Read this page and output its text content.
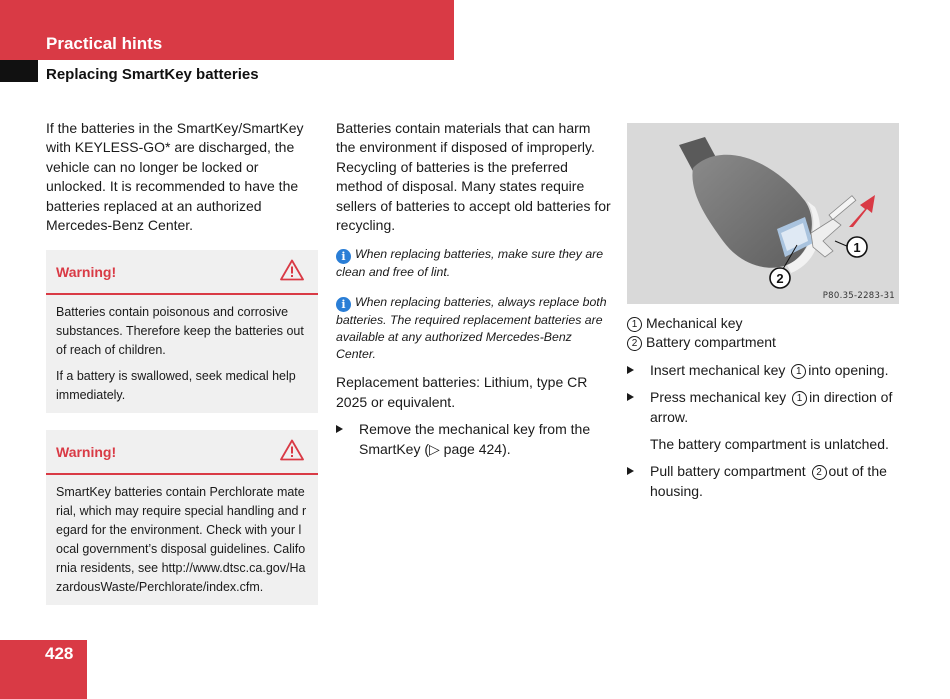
Practical hints
Replacing SmartKey batteries

If the batteries in the SmartKey/SmartKey with KEYLESS-GO* are discharged, the vehicle can no longer be locked or unlocked. It is recommended to have the batteries replaced at an authorized Mercedes-Benz Center.

Warning!

Batteries contain poisonous and corrosive substances. Therefore keep the batteries out of reach of children.

If a battery is swallowed, seek medical help immediately.

Warning!

SmartKey batteries contain Perchlorate material, which may require special handling and regard for the environment. Check with your local government’s disposal guidelines. California residents, see http://www.dtsc.ca.gov/HazardousWaste/Perchlorate/index.cfm.

Batteries contain materials that can harm the environment if disposed of improperly. Recycling of batteries is the preferred method of disposal. Many states require sellers of batteries to accept old batteries for recycling.

i When replacing batteries, make sure they are clean and free of lint.

i When replacing batteries, always replace both batteries. The required replacement batteries are available at any authorized Mercedes-Benz Center.

Replacement batteries: Lithium, type CR 2025 or equivalent.

Remove the mechanical key from the SmartKey (▷ page 424).
1
2
P80.35-2283-31

1 Mechanical key

2 Battery compartment

Insert mechanical key 1 into opening.
Press mechanical key 1 in direction of arrow.

The battery compartment is unlatched.

Pull battery compartment 2 out of the housing.
428
